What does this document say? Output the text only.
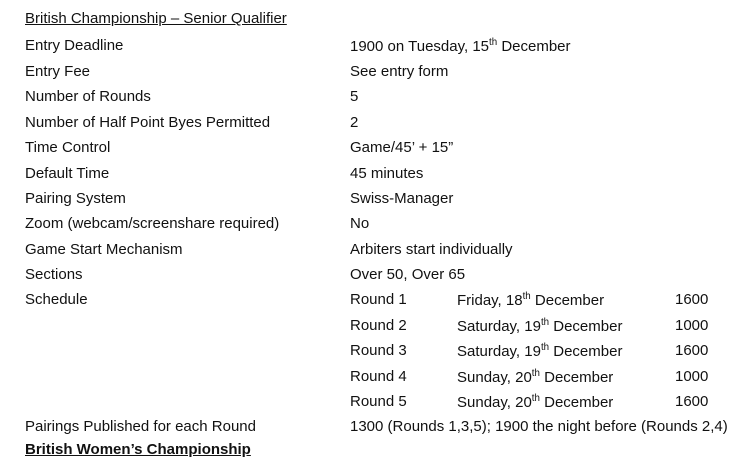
British Championship – Senior Qualifier
Entry Deadline	1900 on Tuesday, 15th December
Entry Fee	See entry form
Number of Rounds	5
Number of Half Point Byes Permitted	2
Time Control	Game/45’ + 15”
Default Time	45 minutes
Pairing System	Swiss-Manager
Zoom (webcam/screenshare required)	No
Game Start Mechanism	Arbiters start individually
Sections	Over 50, Over 65
Schedule	Round 1	Friday, 18th December	1600
Round 2	Saturday, 19th December	1000
Round 3	Saturday, 19th December	1600
Round 4	Sunday, 20th December	1000
Round 5	Sunday, 20th December	1600
Pairings Published for each Round	1300 (Rounds 1,3,5); 1900 the night before (Rounds 2,4)
British Women’s Championship
